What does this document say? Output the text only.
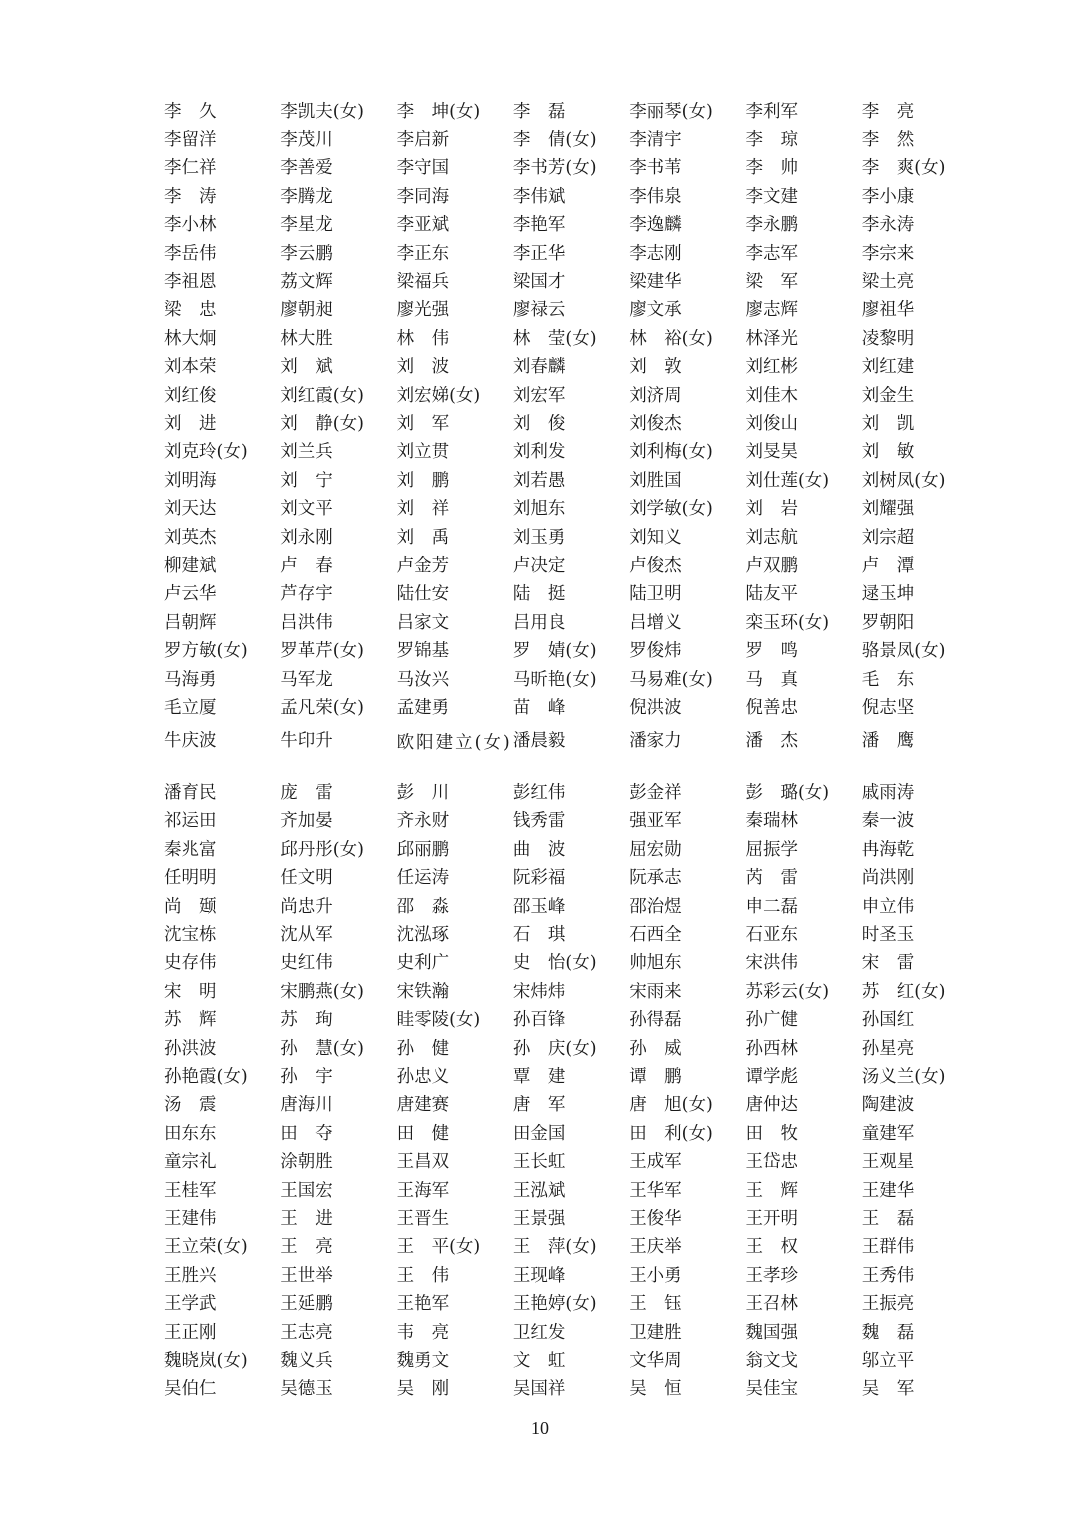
李　久	李凯夫(女)	李　坤(女)	李　磊	李丽琴(女)	李利军	李　亮
李留洋	李茂川	李启新	李　倩(女)	李清宇	李　琼	李　然
李仁祥	李善爱	李守国	李书芳(女)	李书苇	李　帅	李　爽(女)
李　涛	李腾龙	李同海	李伟斌	李伟泉	李文建	李小康
李小林	李星龙	李亚斌	李艳军	李逸麟	李永鹏	李永涛
李岳伟	李云鹏	李正东	李正华	李志刚	李志军	李宗来
李祖恩	荔文辉	梁福兵	梁国才	梁建华	梁　军	梁土亮
梁　忠	廖朝昶	廖光强	廖禄云	廖文承	廖志辉	廖祖华
林大炯	林大胜	林　伟	林　莹(女)	林　裕(女)	林泽光	凌黎明
刘本荣	刘　斌	刘　波	刘春麟	刘　敦	刘红彬	刘红建
刘红俊	刘红霞(女)	刘宏娣(女)	刘宏军	刘济周	刘佳木	刘金生
刘　进	刘　静(女)	刘　军	刘　俊	刘俊杰	刘俊山	刘　凯
刘克玲(女)	刘兰兵	刘立贯	刘利发	刘利梅(女)	刘旻昊	刘　敏
刘明海	刘　宁	刘　鹏	刘若愚	刘胜国	刘仕莲(女)	刘树凤(女)
刘天达	刘文平	刘　祥	刘旭东	刘学敏(女)	刘　岩	刘耀强
刘英杰	刘永刚	刘　禹	刘玉勇	刘知义	刘志航	刘宗超
柳建斌	卢　春	卢金芳	卢决定	卢俊杰	卢双鹏	卢　潭
卢云华	芦存宇	陆仕安	陆　挺	陆卫明	陆友平	逯玉坤
吕朝辉	吕洪伟	吕家文	吕用良	吕增义	栾玉环(女)	罗朝阳
罗方敏(女)	罗革芹(女)	罗锦基	罗　婧(女)	罗俊炜	罗　鸣	骆景凤(女)
马海勇	马军龙	马汝兴	马昕艳(女)	马易难(女)	马　真	毛　东
毛立厦	孟凡荣(女)	孟建勇	苗　峰	倪洪波	倪善忠	倪志坚
牛庆波	牛印升	欧阳建立(女) 潘晨毅	潘家力	潘　杰	潘　鹰
潘育民	庞　雷	彭　川	彭红伟	彭金祥	彭　璐(女)	戚雨涛
祁运田	齐加晏	齐永财	钱秀雷	强亚军	秦瑞林	秦一波
秦兆富	邱丹彤(女)	邱丽鹏	曲　波	屈宏勋	屈振学	冉海乾
任明明	任文明	任运涛	阮彩福	阮承志	芮　雷	尚洪刚
尚　颋	尚忠升	邵　淼	邵玉峰	邵治煜	申二磊	申立伟
沈宝栋	沈从军	沈泓琢	石　琪	石西全	石亚东	时圣玉
史存伟	史红伟	史利广	史　怡(女)	帅旭东	宋洪伟	宋　雷
宋　明	宋鹏燕(女)	宋铁瀚	宋炜炜	宋雨来	苏彩云(女)	苏　红(女)
苏　辉	苏　珣	眭零陵(女)	孙百锋	孙得磊	孙广健	孙国红
孙洪波	孙　慧(女)	孙　健	孙　庆(女)	孙　威	孙西林	孙星亮
孙艳霞(女)	孙　宇	孙忠义	覃　建	谭　鹏	谭学彪	汤义兰(女)
汤　震	唐海川	唐建赛	唐　军	唐　旭(女)	唐仲达	陶建波
田东东	田　夺	田　健	田金国	田　利(女)	田　牧	童建军
童宗礼	涂朝胜	王昌双	王长虹	王成军	王岱忠	王观星
王桂军	王国宏	王海军	王泓斌	王华军	王　辉	王建华
王建伟	王　进	王晋生	王景强	王俊华	王开明	王　磊
王立荣(女)	王　亮	王　平(女)	王　萍(女)	王庆举	王　权	王群伟
王胜兴	王世举	王　伟	王现峰	王小勇	王孝珍	王秀伟
王学武	王延鹏	王艳军	王艳婷(女)	王　钰	王召林	王振亮
王正刚	王志亮	韦　亮	卫红发	卫建胜	魏国强	魏　磊
魏晓岚(女)	魏义兵	魏勇文	文　虹	文华周	翁文戈	邬立平
吴伯仁	吴德玉	吴　刚	吴国祥	吴　恒	吴佳宝	吴　军
10
